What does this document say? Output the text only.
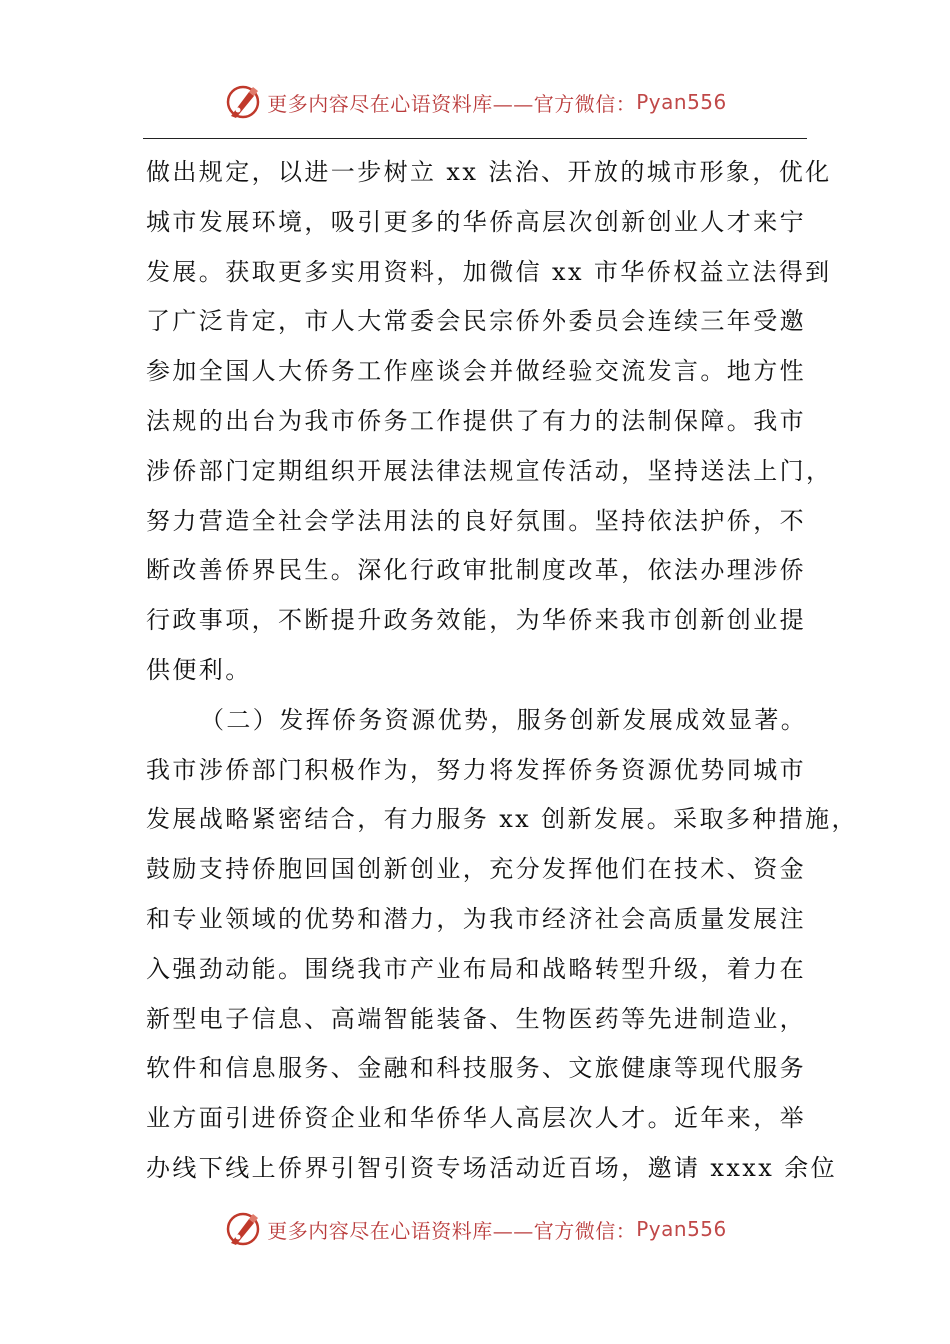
更多内容尽在心语资料库——官方微信： Pyan556
做出规定，以进一步树立 xx 法治、开放的城市形象，优化
城市发展环境，吸引更多的华侨高层次创新创业人才来宁
发展。获取更多实用资料，加微信 xx 市华侨权益立法得到
了广泛肯定，市人大常委会民宗侨外委员会连续三年受邀
参加全国人大侨务工作座谈会并做经验交流发言。地方性
法规的出台为我市侨务工作提供了有力的法制保障。我市
涉侨部门定期组织开展法律法规宣传活动，坚持送法上门，
努力营造全社会学法用法的良好氛围。坚持依法护侨，不
断改善侨界民生。深化行政审批制度改革，依法办理涉侨
行政事项，不断提升政务效能，为华侨来我市创新创业提
供便利。
（二）发挥侨务资源优势，服务创新发展成效显著。
我市涉侨部门积极作为，努力将发挥侨务资源优势同城市
发展战略紧密结合，有力服务 xx 创新发展。采取多种措施，
鼓励支持侨胞回国创新创业，充分发挥他们在技术、资金
和专业领域的优势和潜力，为我市经济社会高质量发展注
入强劲动能。围绕我市产业布局和战略转型升级，着力在
新型电子信息、高端智能装备、生物医药等先进制造业，
软件和信息服务、金融和科技服务、文旅健康等现代服务
业方面引进侨资企业和华侨华人高层次人才。近年来，举
办线下线上侨界引智引资专场活动近百场，邀请 xxxx 余位
更多内容尽在心语资料库——官方微信： Pyan556
